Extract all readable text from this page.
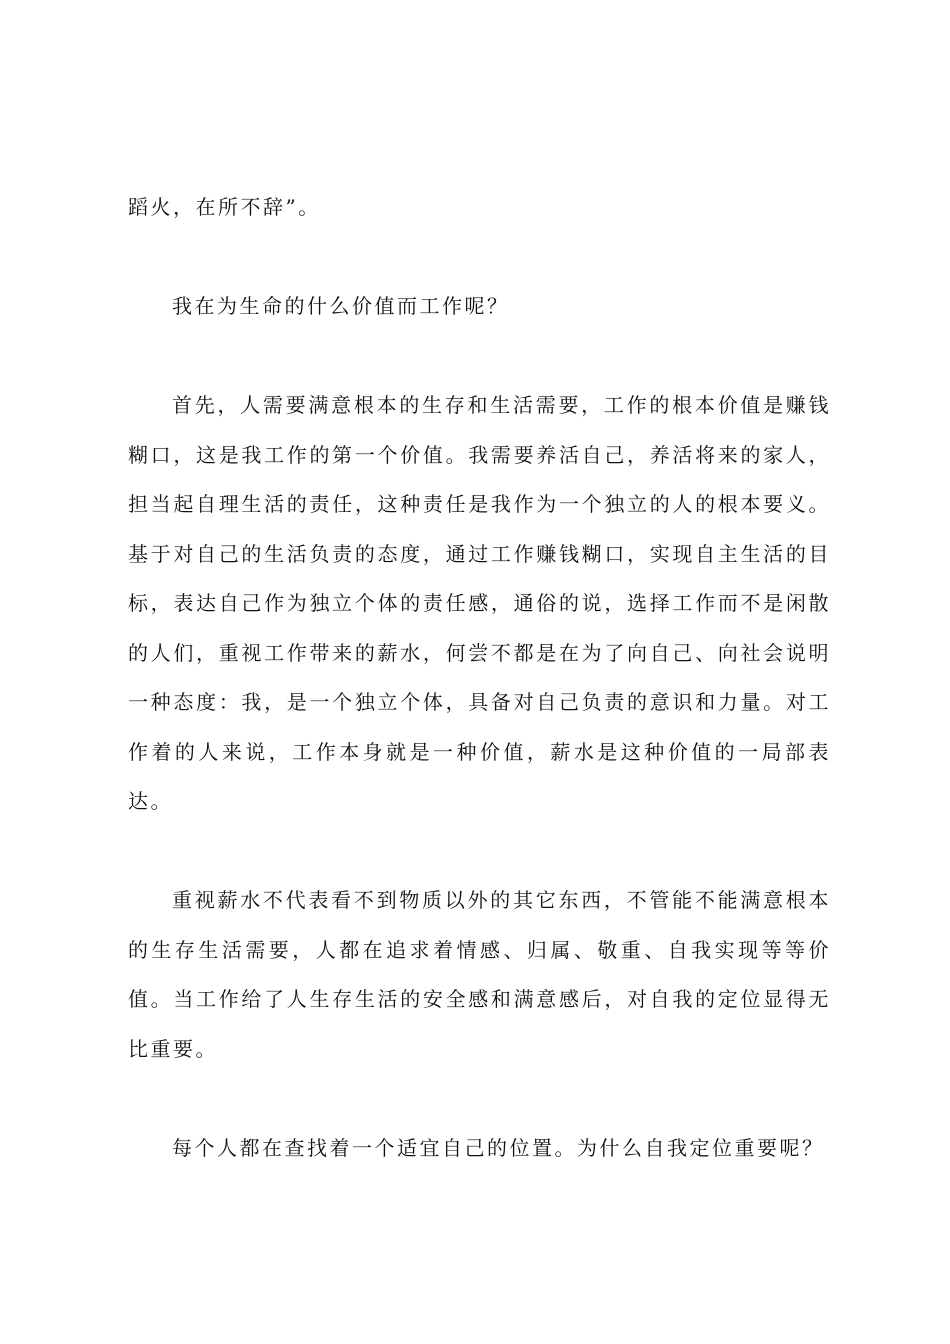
蹈火，在所不辞”。
我在为生命的什么价值而工作呢？
首先，人需要满意根本的生存和生活需要，工作的根本价值是赚钱
糊口，这是我工作的第一个价值。我需要养活自己，养活将来的家人，
担当起自理生活的责任，这种责任是我作为一个独立的人的根本要义。
基于对自己的生活负责的态度，通过工作赚钱糊口，实现自主生活的目
标，表达自己作为独立个体的责任感，通俗的说，选择工作而不是闲散
的人们，重视工作带来的薪水，何尝不都是在为了向自己、向社会说明
一种态度：我，是一个独立个体，具备对自己负责的意识和力量。对工
作着的人来说，工作本身就是一种价值，薪水是这种价值的一局部表
达。
重视薪水不代表看不到物质以外的其它东西，不管能不能满意根本
的生存生活需要，人都在追求着情感、归属、敬重、自我实现等等价
值。当工作给了人生存生活的安全感和满意感后，对自我的定位显得无
比重要。
每个人都在查找着一个适宜自己的位置。为什么自我定位重要呢？
